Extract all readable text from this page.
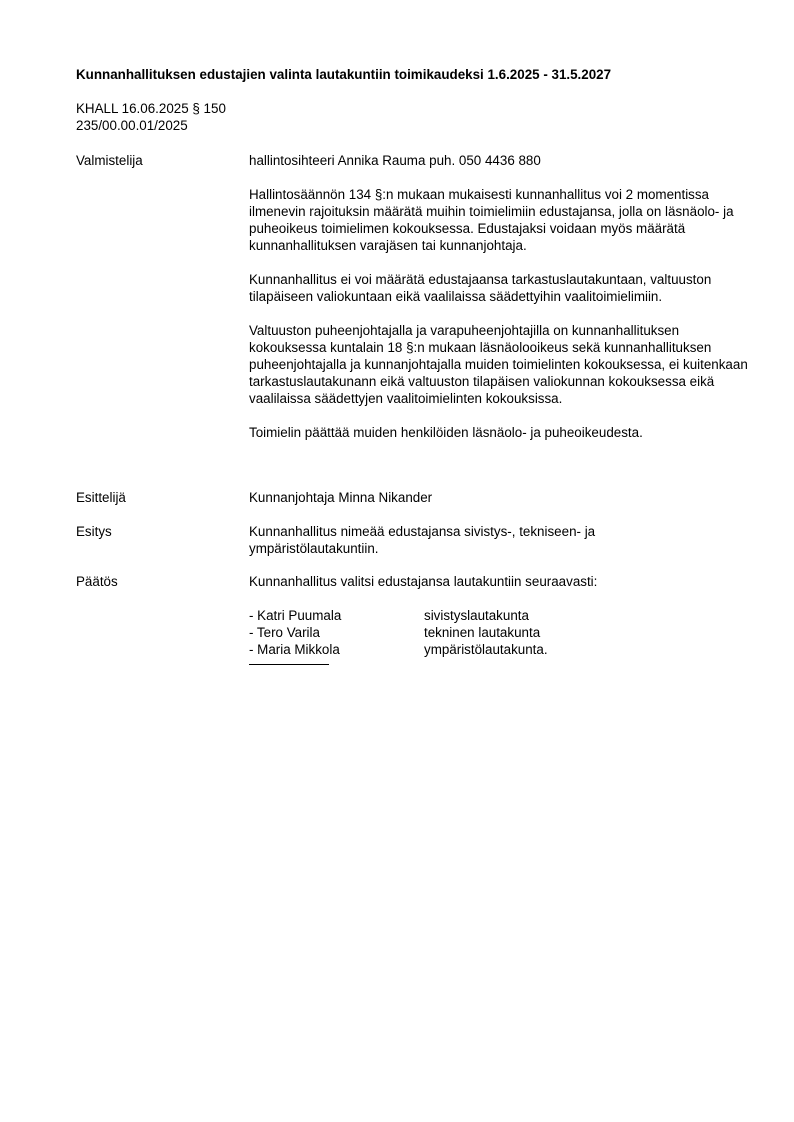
Kunnanhallituksen edustajien valinta lautakuntiin toimikaudeksi 1.6.2025 - 31.5.2027
KHALL 16.06.2025 § 150
235/00.00.01/2025
Valmistelija	hallintosihteeri Annika Rauma puh. 050 4436 880

Hallintosäännön 134 §:n mukaan mukaisesti kunnanhallitus voi 2 momentissa ilmenevin rajoituksin määrätä muihin toimielimiin edustajansa, jolla on läsnäolo- ja puheoikeus toimielimen kokouksessa. Edustajaksi voidaan myös määrätä kunnanhallituksen varajäsen tai kunnanjohtaja.

Kunnanhallitus ei voi määrätä edustajaansa tarkastuslautakuntaan, valtuuston tilapäiseen valiokuntaan eikä vaalilaissa säädettyihin vaalitoimielimiin.

Valtuuston puheenjohtajalla ja varapuheenjohtajilla on kunnanhallituksen kokouksessa kuntalain 18 §:n mukaan läsnäolooikeus sekä kunnanhallituksen puheenjohtajalla ja kunnanjohtajalla muiden toimielinten kokouksessa, ei kuitenkaan tarkastuslautakunann eikä valtuuston tilapäisen valiokunnan kokouksessa eikä vaalilaissa säädettyjen vaalitoimielinten kokouksissa.

Toimielin päättää muiden henkilöiden läsnäolo- ja puheoikeudesta.

Esittelijä	Kunnanjohtaja Minna Nikander
Esitys	Kunnanhallitus nimeää edustajansa sivistys-, tekniseen- ja ympäristölautakuntiin.
Päätös	Kunnanhallitus valitsi edustajansa lautakuntiin seuraavasti:

- Katri Puumala	sivistyslautakunta
- Tero Varila	tekninen lautakunta
- Maria Mikkola	ympäristölautakunta.
